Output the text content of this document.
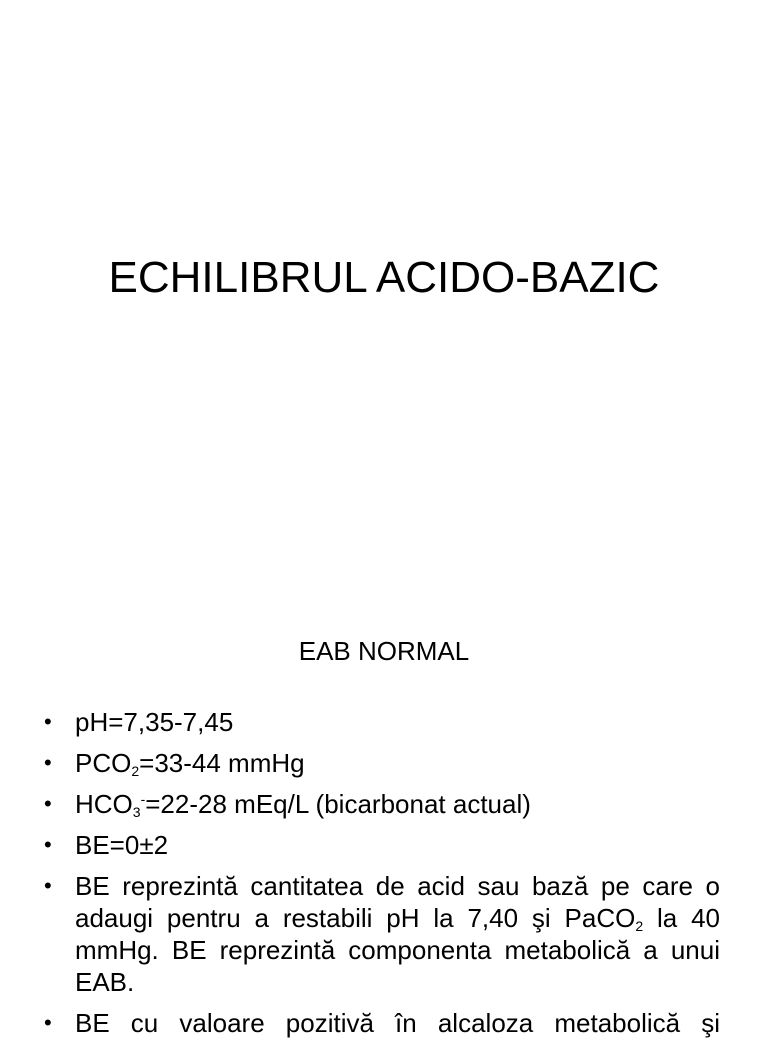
ECHILIBRUL ACIDO-BAZIC
EAB NORMAL
• pH=7,35-7,45
• $PCO_2=33-44$ mmHg
• $HCO_3^-=22-28$ mEq/L (bicarbonat actual)
• BE=0±2
• BE reprezintă cantitatea de acid sau bază pe care o adaugi pentru a restabili pH la 7,40 şi PaCO$_2$ la 40 mmHg. BE reprezintă componenta metabolică a unui EAB.
• BE cu valoare pozitivă în alcaloza metabolică şi
